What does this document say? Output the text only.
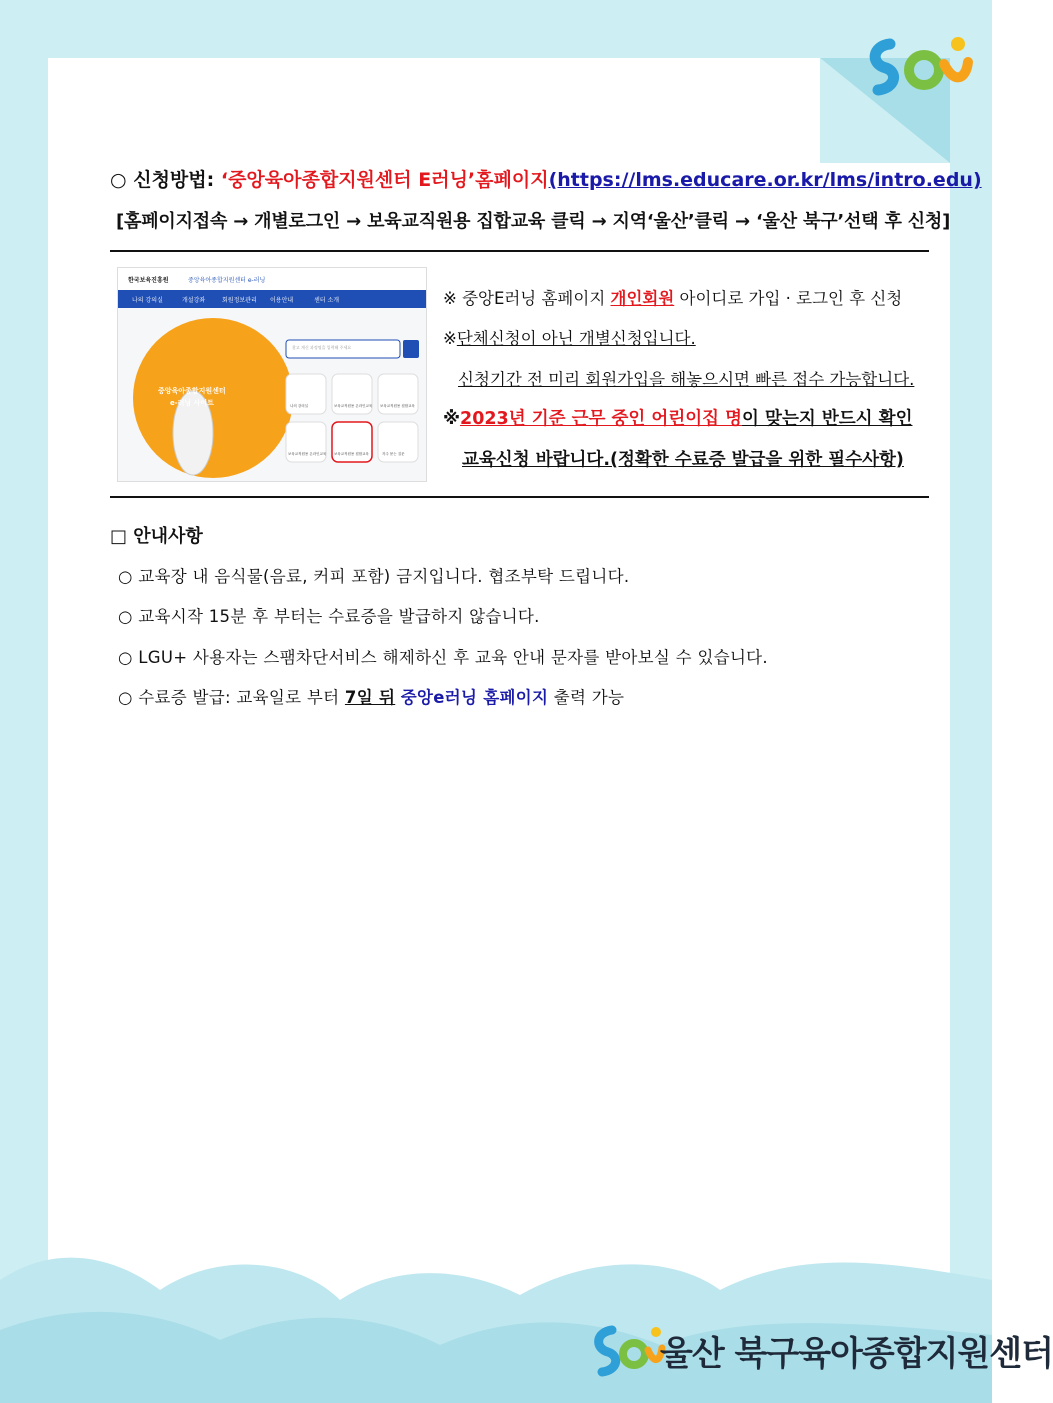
○ 신청방법: ‘중앙육아종합지원센터 E러닝’홈페이지(https://lms.educare.or.kr/lms/intro.edu)
[홈페이지접속 → 개별로그인 → 보육교직원용 집합교육 클릭 → 지역‘울산’클릭 → ‘울산 북구’선택 후 신청]
한국보육진흥원	중앙육아종합지원센터 e-러닝
나의 강의실	개설강좌	회원정보관리 이용안내	센터 소개
중앙육아종합지원센터
e-러닝 사이트
찾고 계신 과정명을 입력해 주세요
나의 강의실	보육교직원용 온라인교육 보육교직원용 집합교육
보육교직원용 온라인교육 보육교직원용 집합교육	자주 묻는 질문
※ 중앙E러닝 홈페이지 개인회원 아이디로 가입 · 로그인 후 신청
※단체신청이 아닌 개별신청입니다.
신청기간 전 미리 회원가입을 해놓으시면 빠른 접수 가능합니다.
※2023년 기준 근무 중인 어린이집 명이 맞는지 반드시 확인
교육신청 바랍니다.(정확한 수료증 발급을 위한 필수사항)
□ 안내사항
○ 교육장 내 음식물(음료, 커피 포함) 금지입니다. 협조부탁 드립니다.
○ 교육시작 15분 후 부터는 수료증을 발급하지 않습니다.
○ LGU+ 사용자는 스팸차단서비스 해제하신 후 교육 안내 문자를 받아보실 수 있습니다.
○ 수료증 발급: 교육일로 부터 7일 뒤 중앙e러닝 홈페이지 출력 가능
울산 북구육아종합지원센터
